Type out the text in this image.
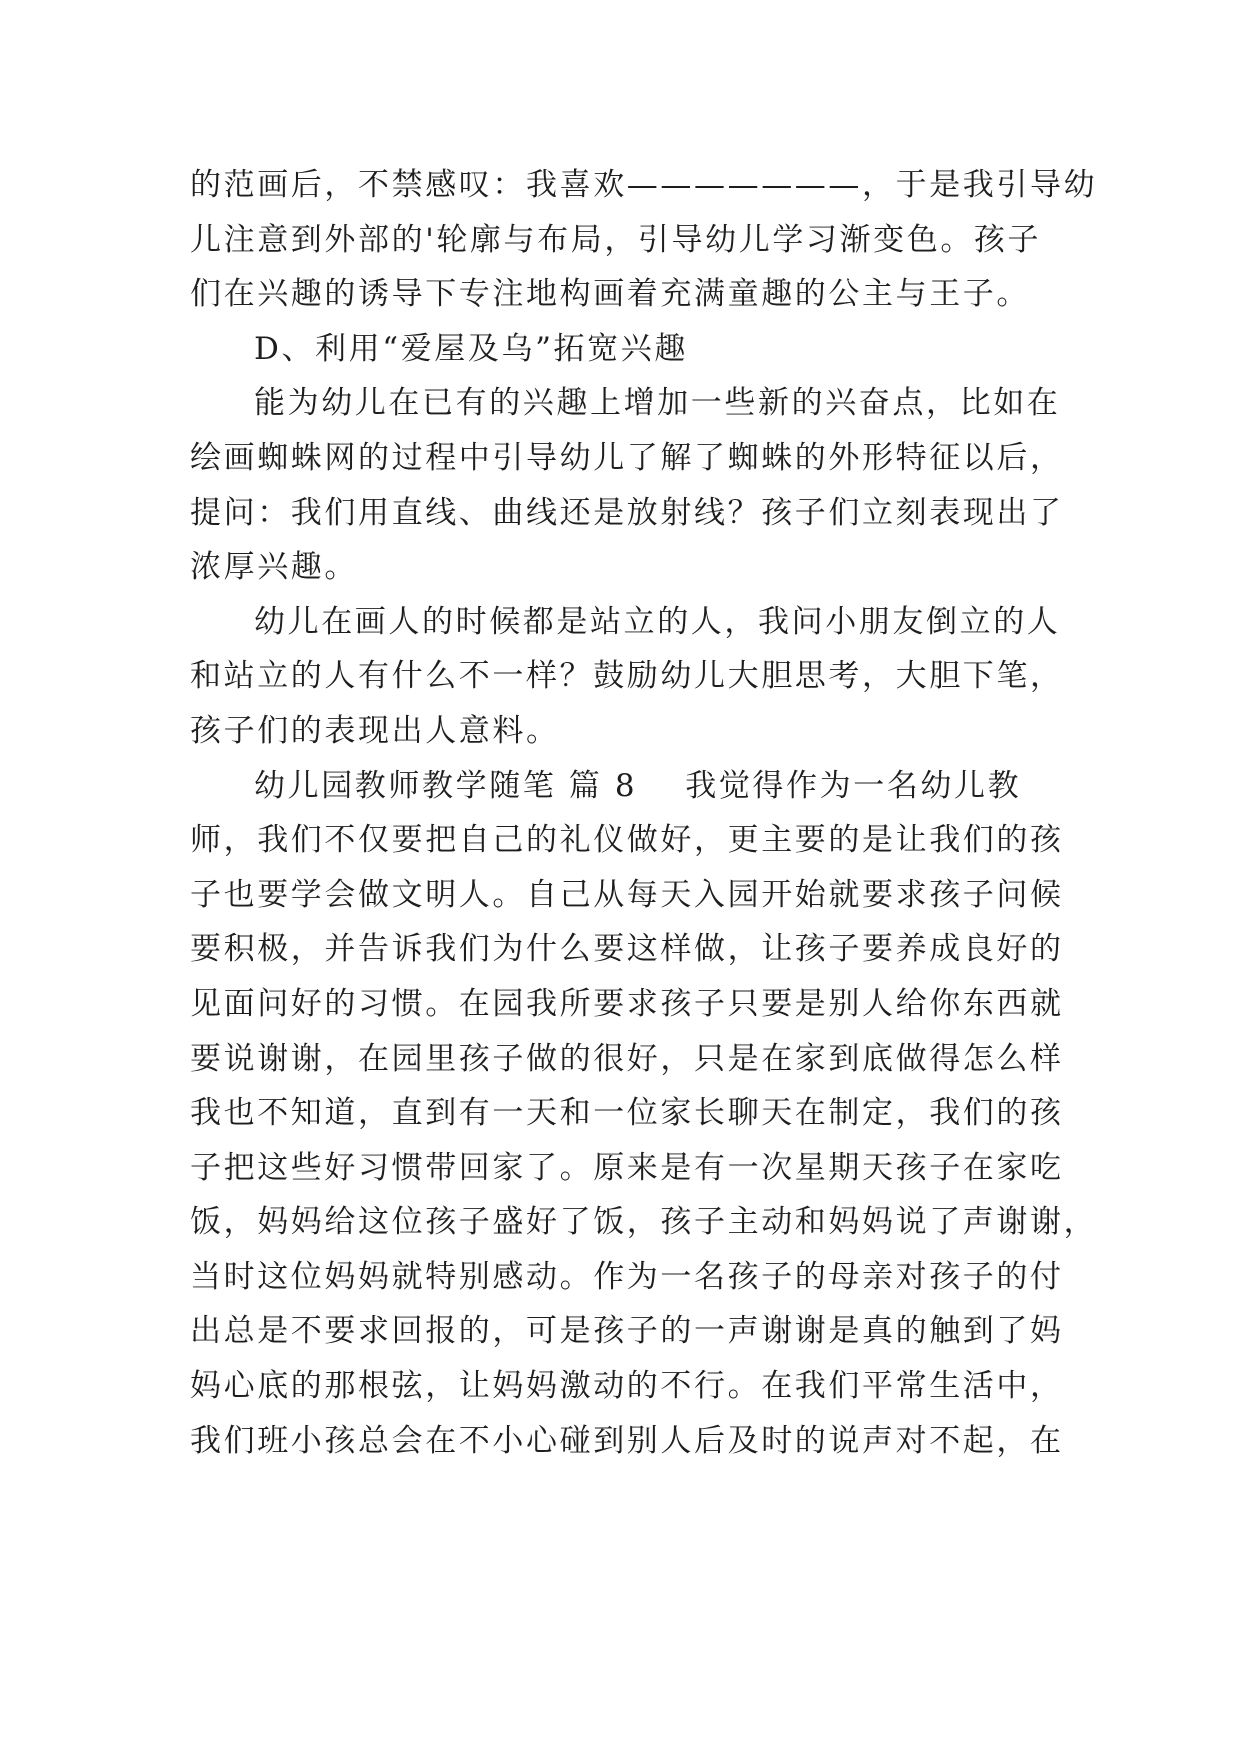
的范画后，不禁感叹：我喜欢———————，于是我引导幼
儿注意到外部的'轮廓与布局，引导幼儿学习渐变色。孩子
们在兴趣的诱导下专注地构画着充满童趣的公主与王子。
D、利用“爱屋及乌”拓宽兴趣
能为幼儿在已有的兴趣上增加一些新的兴奋点，比如在
绘画蜘蛛网的过程中引导幼儿了解了蜘蛛的外形特征以后，
提问：我们用直线、曲线还是放射线？孩子们立刻表现出了
浓厚兴趣。
幼儿在画人的时候都是站立的人，我问小朋友倒立的人
和站立的人有什么不一样？鼓励幼儿大胆思考，大胆下笔，
孩子们的表现出人意料。
幼儿园教师教学随笔 篇 8 我觉得作为一名幼儿教
师，我们不仅要把自己的礼仪做好，更主要的是让我们的孩
子也要学会做文明人。自己从每天入园开始就要求孩子问候
要积极，并告诉我们为什么要这样做，让孩子要养成良好的
见面问好的习惯。在园我所要求孩子只要是别人给你东西就
要说谢谢，在园里孩子做的很好，只是在家到底做得怎么样
我也不知道，直到有一天和一位家长聊天在制定，我们的孩
子把这些好习惯带回家了。原来是有一次星期天孩子在家吃
饭，妈妈给这位孩子盛好了饭，孩子主动和妈妈说了声谢谢，
当时这位妈妈就特别感动。作为一名孩子的母亲对孩子的付
出总是不要求回报的，可是孩子的一声谢谢是真的触到了妈
妈心底的那根弦，让妈妈激动的不行。在我们平常生活中，
我们班小孩总会在不小心碰到别人后及时的说声对不起，在
